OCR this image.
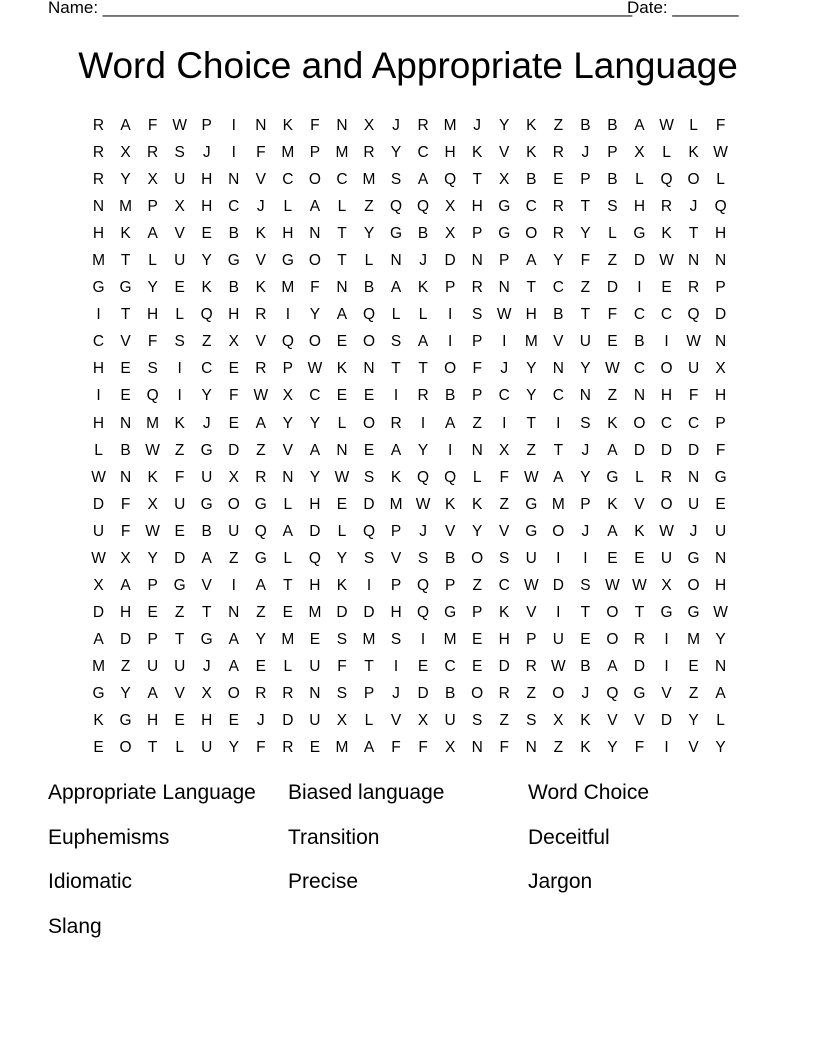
Name: ________________________________________________________
Date: _______
Word Choice and Appropriate Language
R	A	F W P	I	N	K	F	N	X	J	R M	J	Y	K	Z	B	B	A W L	F
R	X	R	S	J	I	F	M P M R	Y	C	H	K	V	K	R	J	P	X	L	K W
R	Y	X	U	H	N	V	C O C M S	A	Q	T	X	B	E	P	B	L	Q O	L
N M P	X	H	C	J	L	A	L	Z	Q Q	X	H G C	R	T	S	H	R	J	Q
H	K	A	V	E	B	K	H	N	T	Y	G	B	X	P	G O R	Y	L	G	K	T	H
M	T	L	U	Y	G	V	G O	T	L	N	J	D	N	P	A	Y	F	Z	D W N	N
G G	Y	E	K	B	K M	F	N	B	A	K	P	R	N	T	C	Z	D	I	E	R	P
I	T	H	L	Q H	R	I	Y	A	Q	L	L	I	S W H	B	T	F	C	C Q D
C	V	F	S	Z	X	V	Q O	E	O	S	A	I	P	I	M V	U	E	B	I	W N
H	E	S	I	C	E	R	P W K	N	T	T	O	F	J	Y	N	Y W C O U	X
I	E	Q	I	Y	F W X	C	E	E	I	R	B	P	C	Y	C	N	Z	N	H	F	H
H	N M K	J	E	A	Y	Y	L	O R	I	A	Z	I	T	I	S	K	O C	C	P
L	B W Z	G D	Z	V	A	N	E	A	Y	I	N	X	Z	T	J	A	D	D	D	F
W N	K	F	U	X	R	N	Y W S	K	Q Q	L	F W A	Y	G	L	R	N G
D	F	X	U G O G	L	H	E	D M W K	K	Z	G M P	K	V	O U	E
U	F W E	B	U Q	A	D	L	Q	P	J	V	Y	V	G O	J	A	K W	J	U
W X	Y	D	A	Z	G	L	Q	Y	S	V	S	B	O	S	U	I	I	E	E	U G N
X	A	P	G	V	I	A	T	H	K	I	P	Q	P	Z	C W D	S W W X	O H
D	H	E	Z	T	N	Z	E M D	D	H Q G	P	K	V	I	T	O	T	G G W
A	D	P	T	G	A	Y M E	S M S	I	M E	H	P	U	E	O R	I	M Y
M	Z	U	U	J	A	E	L	U	F	T	I	E	C	E	D	R W B	A	D	I	E	N
G	Y	A	V	X	O R	R	N	S	P	J	D	B	O R	Z	O	J	Q G	V	Z	A
K	G H	E	H	E	J	D	U	X	L	V	X	U	S	Z	S	X	K	V	V	D	Y	L
E	O	T	L	U	Y	F	R	E M A	F	F	X	N	F	N	Z	K	Y	F	I	V	Y
Appropriate Language	Biased language	Word Choice
Euphemisms	Transition	Deceitful
Idiomatic	Precise	Jargon
Slang
